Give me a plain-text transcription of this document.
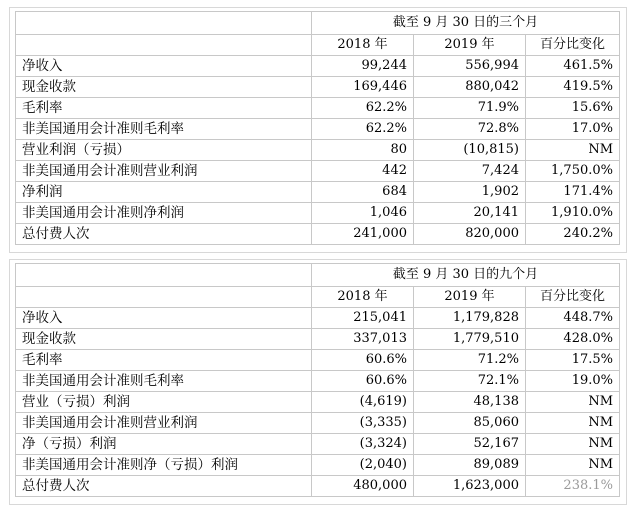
	截至 9 月 30 日的三个月		
	2018 年	2019 年	百分比变化
净收入	99,244	556,994	461.5%
现金收款	169,446	880,042	419.5%
毛利率	62.2%	71.9%	15.6%
非美国通用会计准则毛利率	62.2%	72.8%	17.0%
营业利润（亏损）	80	(10,815)	NM
非美国通用会计准则营业利润	442	7,424	1,750.0%
净利润	684	1,902	171.4%
非美国通用会计准则净利润	1,046	20,141	1,910.0%
总付费人次	241,000	820,000	240.2%
	截至 9 月 30 日的九个月		
	2018 年	2019 年	百分比变化
净收入	215,041	1,179,828	448.7%
现金收款	337,013	1,779,510	428.0%
毛利率	60.6%	71.2%	17.5%
非美国通用会计准则毛利率	60.6%	72.1%	19.0%
营业（亏损）利润	(4,619)	48,138	NM
非美国通用会计准则营业利润	(3,335)	85,060	NM
净（亏损）利润	(3,324)	52,167	NM
非美国通用会计准则净（亏损）利润	(2,040)	89,089	NM
总付费人次	480,000	1,623,000	238.1%
